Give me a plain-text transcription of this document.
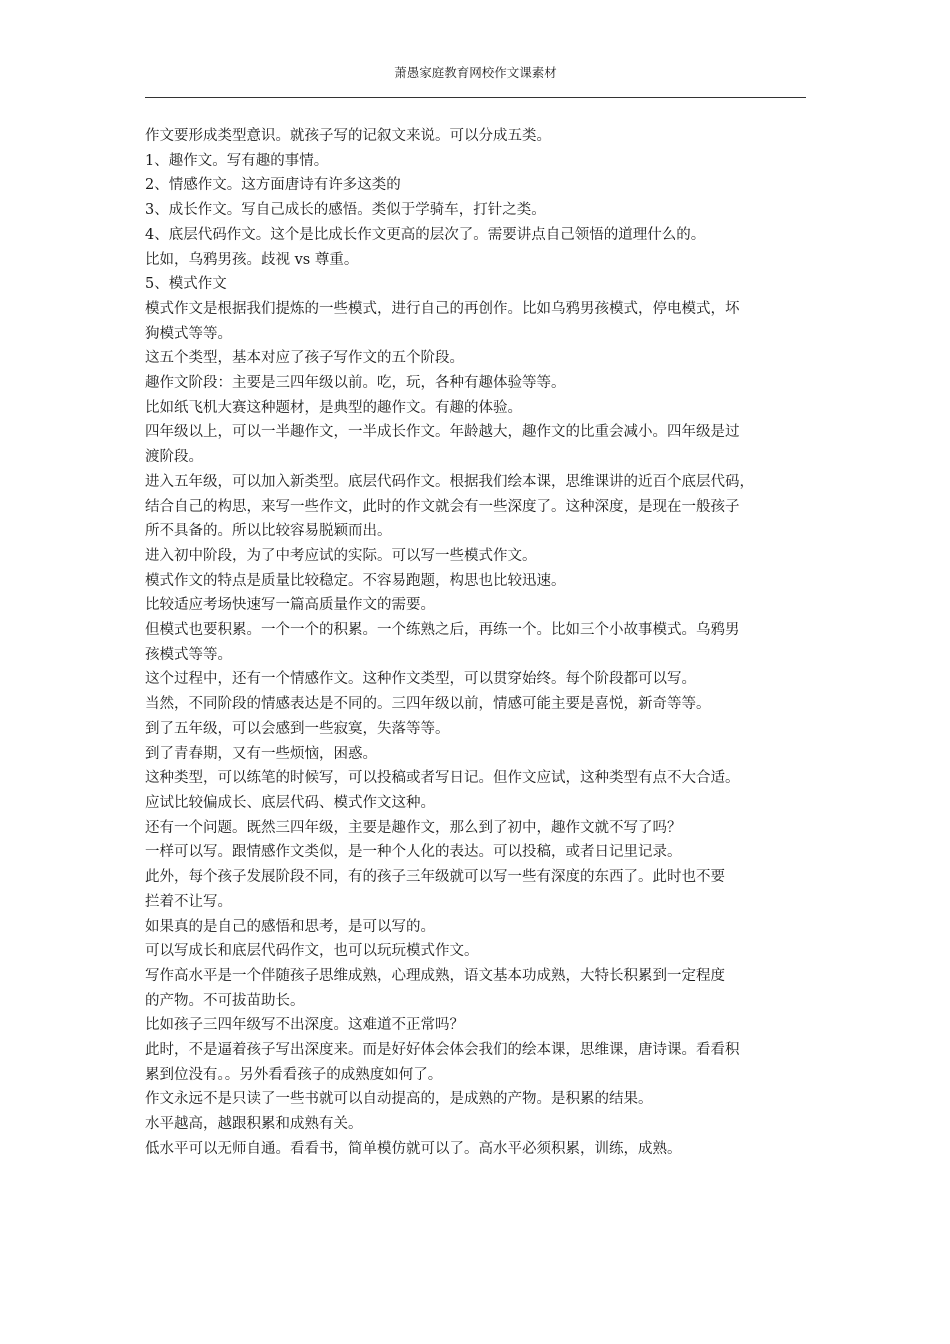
萧愚家庭教育网校作文课素材

作文要形成类型意识。就孩子写的记叙文来说。可以分成五类。

1、趣作文。写有趣的事情。

2、情感作文。这方面唐诗有许多这类的

3、成长作文。写自己成长的感悟。类似于学骑车，打针之类。

4、底层代码作文。这个是比成长作文更高的层次了。需要讲点自己领悟的道理什么的。

比如，乌鸦男孩。歧视 vs 尊重。

5、模式作文

模式作文是根据我们提炼的一些模式，进行自己的再创作。比如乌鸦男孩模式，停电模式，坏

狗模式等等。

这五个类型，基本对应了孩子写作文的五个阶段。

趣作文阶段：主要是三四年级以前。吃，玩，各种有趣体验等等。

比如纸飞机大赛这种题材，是典型的趣作文。有趣的体验。

四年级以上，可以一半趣作文，一半成长作文。年龄越大，趣作文的比重会减小。四年级是过

渡阶段。

进入五年级，可以加入新类型。底层代码作文。根据我们绘本课，思维课讲的近百个底层代码，

结合自己的构思，来写一些作文，此时的作文就会有一些深度了。这种深度，是现在一般孩子

所不具备的。所以比较容易脱颖而出。

进入初中阶段，为了中考应试的实际。可以写一些模式作文。

模式作文的特点是质量比较稳定。不容易跑题，构思也比较迅速。

比较适应考场快速写一篇高质量作文的需要。

但模式也要积累。一个一个的积累。一个练熟之后，再练一个。比如三个小故事模式。乌鸦男

孩模式等等。

这个过程中，还有一个情感作文。这种作文类型，可以贯穿始终。每个阶段都可以写。

当然，不同阶段的情感表达是不同的。三四年级以前，情感可能主要是喜悦，新奇等等。

到了五年级，可以会感到一些寂寞，失落等等。

到了青春期，又有一些烦恼，困惑。

这种类型，可以练笔的时候写，可以投稿或者写日记。但作文应试，这种类型有点不大合适。

应试比较偏成长、底层代码、模式作文这种。

还有一个问题。既然三四年级，主要是趣作文，那么到了初中，趣作文就不写了吗？

一样可以写。跟情感作文类似，是一种个人化的表达。可以投稿，或者日记里记录。

此外，每个孩子发展阶段不同，有的孩子三年级就可以写一些有深度的东西了。此时也不要

拦着不让写。

如果真的是自己的感悟和思考，是可以写的。

可以写成长和底层代码作文，也可以玩玩模式作文。

写作高水平是一个伴随孩子思维成熟，心理成熟，语文基本功成熟，大特长积累到一定程度

的产物。不可拔苗助长。

比如孩子三四年级写不出深度。这难道不正常吗？

此时，不是逼着孩子写出深度来。而是好好体会体会我们的绘本课，思维课，唐诗课。看看积

累到位没有。。另外看看孩子的成熟度如何了。

作文永远不是只读了一些书就可以自动提高的，是成熟的产物。是积累的结果。

水平越高，越跟积累和成熟有关。

低水平可以无师自通。看看书，简单模仿就可以了。高水平必须积累，训练，成熟。
